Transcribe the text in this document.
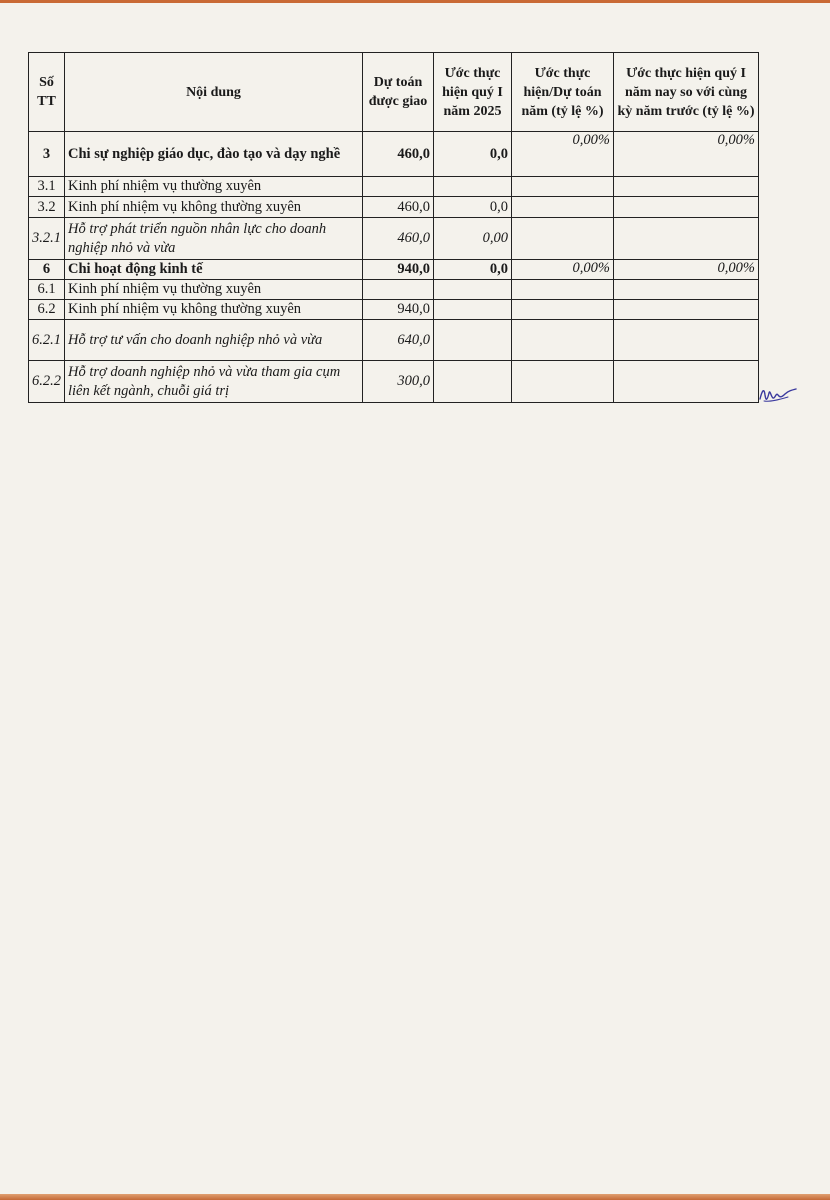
Số TT	Nội dung	Dự toán được giao	Ước thực hiện quý I năm 2025	Ước thực hiện/Dự toán năm (tỷ lệ %)	Ước thực hiện quý I năm nay so với cùng kỳ năm trước (tỷ lệ %)
3	Chi sự nghiệp giáo dục, đào tạo và dạy nghề	460,0	0,0	0,00%	0,00%
3.1	Kinh phí nhiệm vụ thường xuyên				
3.2	Kinh phí nhiệm vụ không thường xuyên	460,0	0,0		
3.2.1	Hỗ trợ phát triển nguồn nhân lực cho doanh nghiệp nhỏ và vừa	460,0	0,00		
6	Chi hoạt động kinh tế	940,0	0,0	0,00%	0,00%
6.1	Kinh phí nhiệm vụ thường xuyên				
6.2	Kinh phí nhiệm vụ không thường xuyên	940,0			
6.2.1	Hỗ trợ tư vấn cho doanh nghiệp nhỏ và vừa	640,0			
6.2.2	Hỗ trợ doanh nghiệp nhỏ và vừa tham gia cụm liên kết ngành, chuỗi giá trị	300,0			
